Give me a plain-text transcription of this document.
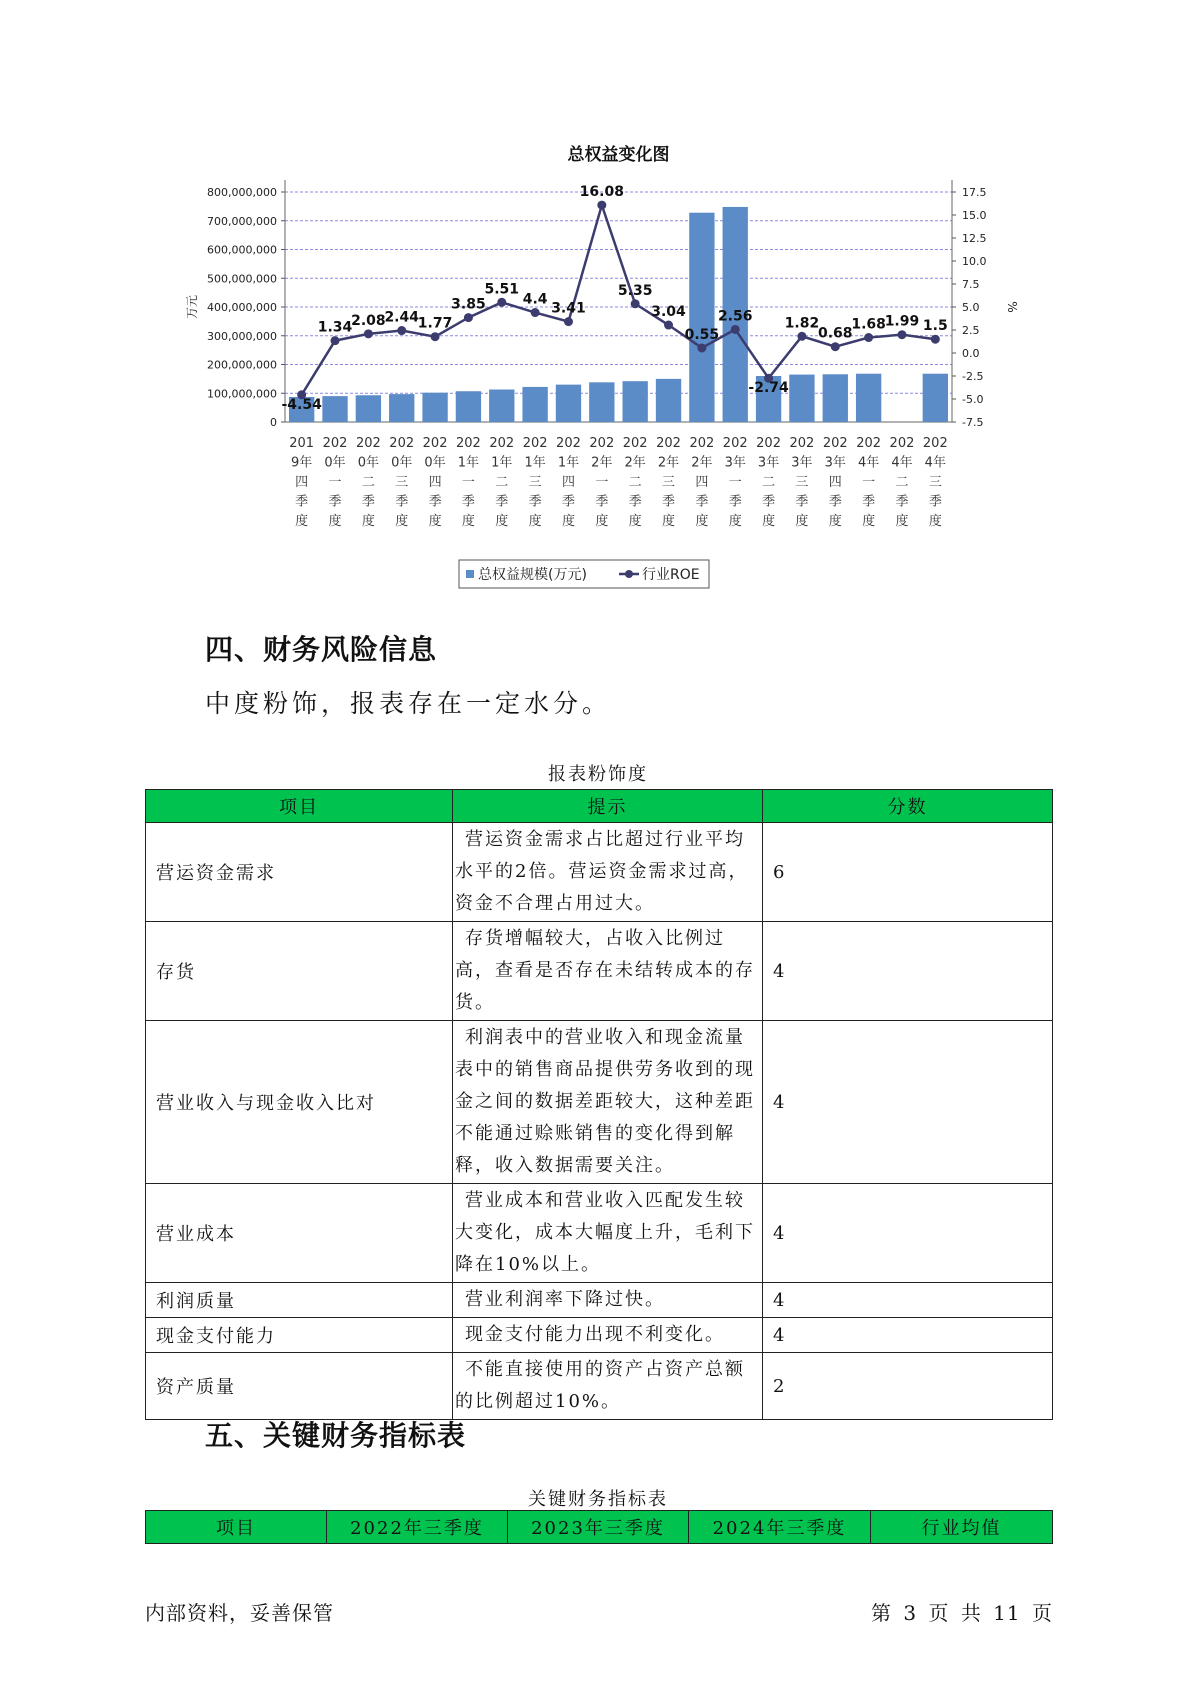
总权益变化图
0
100,000,000
200,000,000
300,000,000
400,000,000
500,000,000
600,000,000
700,000,000
800,000,000
-7.5
-5.0
-2.5
0.0
2.5
5.0
7.5
10.0
12.5
15.0
17.5
万元	%
-4.54
1.34
2.08
2.44
1.77
3.85
5.51
4.4
3.41
16.08
5.35
3.04
0.55
2.56
-2.74
1.82
0.68
1.68
1.99 1.5
201
9年
四
季
度
202
0年
一
季
度
202
0年
二
季
度
202
0年
三
季
度
202
0年
四
季
度
202
1年
一
季
度
202
1年
二
季
度
202
1年
三
季
度
202
1年
四
季
度
202
2年
一
季
度
202
2年
二
季
度
202
2年
三
季
度
202
2年
四
季
度
202
3年
一
季
度
202
3年
二
季
度
202
3年
三
季
度
202
3年
四
季
度
202
4年
一
季
度
202
4年
二
季
度
202
4年
三
季
度
总权益规模(万元)	行业ROE
四、财务风险信息
中度粉饰，报表存在一定水分。
报表粉饰度
项目	提示	分数
营运资金需求	营运资金需求占比超过行业平均水平的2倍。营运资金需求过高，资金不合理占用过大。	6
存货	存货增幅较大，占收入比例过高，查看是否存在未结转成本的存货。	4
营业收入与现金收入比对	利润表中的营业收入和现金流量表中的销售商品提供劳务收到的现金之间的数据差距较大，这种差距不能通过赊账销售的变化得到解释，收入数据需要关注。	4
营业成本	营业成本和营业收入匹配发生较大变化，成本大幅度上升，毛利下降在10%以上。	4
利润质量	营业利润率下降过快。	4
现金支付能力	现金支付能力出现不利变化。	4
资产质量	不能直接使用的资产占资产总额的比例超过10%。	2
五、关键财务指标表
关键财务指标表
项目	2022年三季度	2023年三季度	2024年三季度	行业均值
内部资料，妥善保管	第 3 页 共 11 页
